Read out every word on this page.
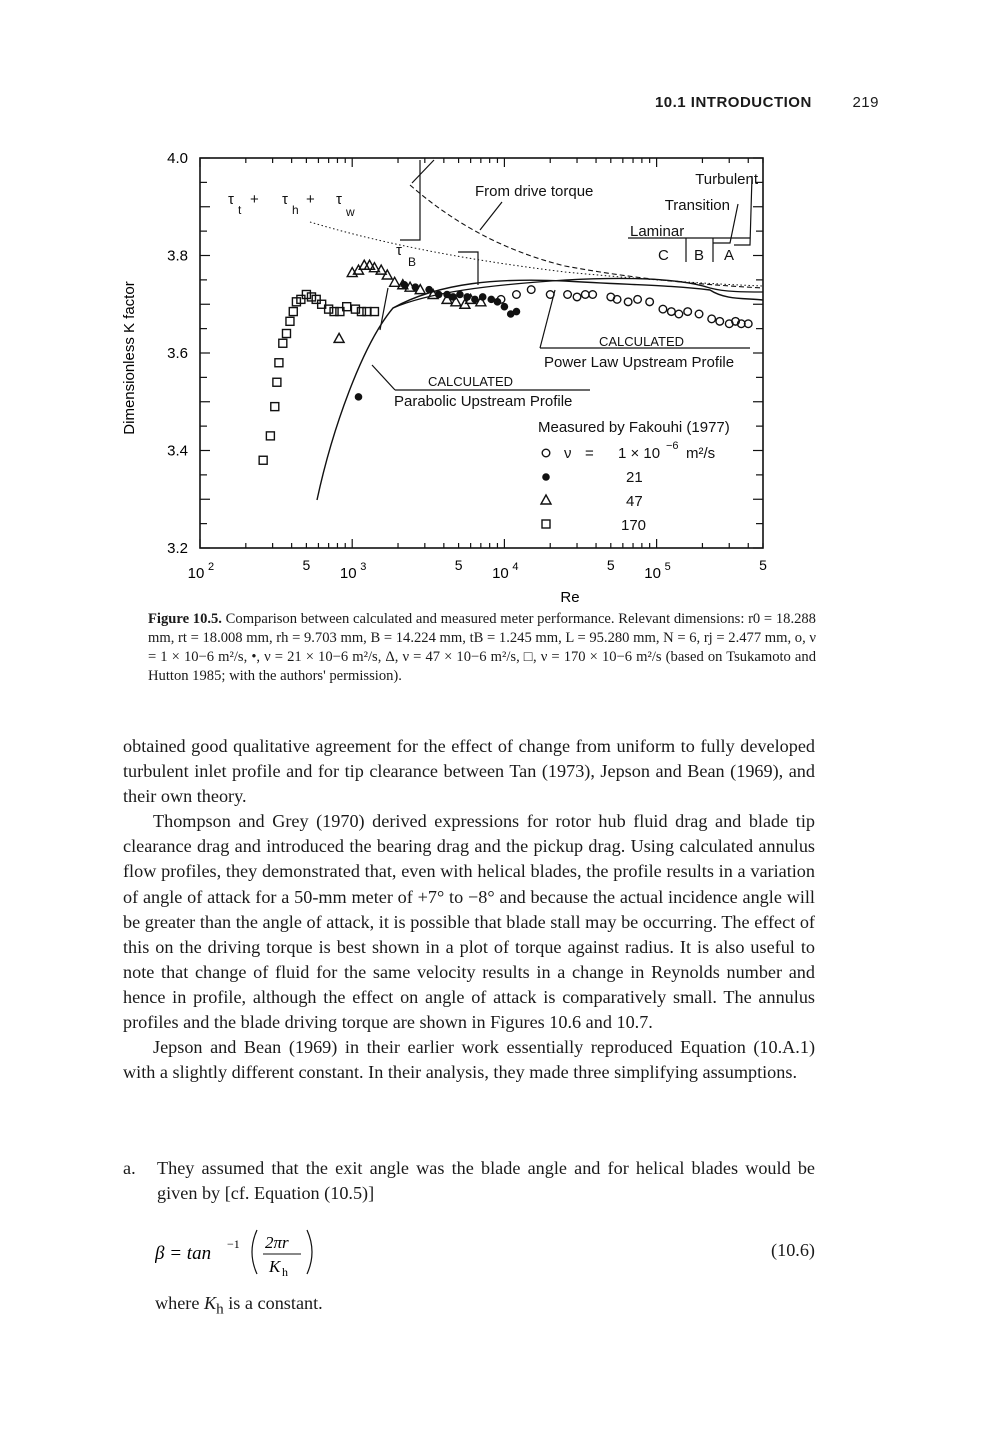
10.1 INTRODUCTION	219
Dimensionless K factor
Re
3.2
3.4
3.6
3.8
4.0
10 2	5 10 3	5 10 4	5 10 5	5
τ
t
+ τ
h
+ τ
w
τ
B
From drive torque
Turbulent
Transition
Laminar
C B A
CALCULATED
Power Law Upstream Profile
CALCULATED
Parabolic Upstream Profile
Measured by Fakouhi (1977)
ν = 1 × 10 −6 m²/s
21
47
170
Figure 10.5. Comparison between calculated and measured meter performance. Relevant dimensions: r0 = 18.288 mm, rt = 18.008 mm, rh = 9.703 mm, B = 14.224 mm, tB = 1.245 mm, L = 95.280 mm, N = 6, rj = 2.477 mm, o, ν = 1 × 10−6 m²/s, •, ν = 21 × 10−6 m²/s, Δ, ν = 47 × 10−6 m²/s, □, ν = 170 × 10−6 m²/s (based on Tsukamoto and Hutton 1985; with the authors' permission).

obtained good qualitative agreement for the effect of change from uniform to fully developed turbulent inlet profile and for tip clearance between Tan (1973), Jepson and Bean (1969), and their own theory.

Thompson and Grey (1970) derived expressions for rotor hub fluid drag and blade tip clearance drag and introduced the bearing drag and the pickup drag. Using calculated annulus flow profiles, they demonstrated that, even with helical blades, the profile results in a variation of angle of attack for a 50-mm meter of +7° to −8° and because the actual incidence angle will be greater than the angle of attack, it is possible that blade stall may be occurring. The effect of this on the driving torque is best shown in a plot of torque against radius. It is also useful to note that change of fluid for the same velocity results in a change in Reynolds number and hence in profile, although the effect on angle of attack is comparatively small. The annulus profiles and the blade driving torque are shown in Figures 10.6 and 10.7.

Jepson and Bean (1969) in their earlier work essentially reproduced Equation (10.A.1) with a slightly different constant. In their analysis, they made three simplifying assumptions.

a. They assumed that the exit angle was the blade angle and for helical blades would be given by [cf. Equation (10.5)]
β = tan −1 2πr
K h
(10.6)
where $K_h$ is a constant.
